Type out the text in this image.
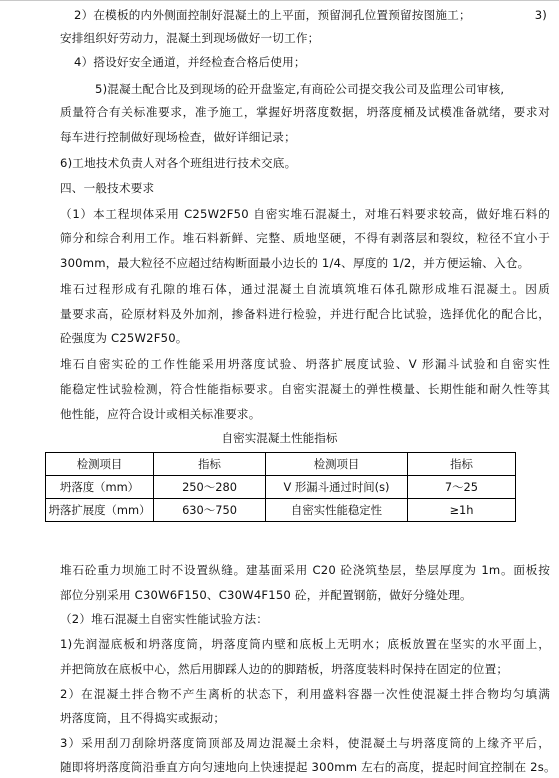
2）在模板的内外侧面控制好混凝土的上平面，预留洞孔位置预留按图施工；	3)
安排组织好劳动力，混凝土到现场做好一切工作；
4）搭设好安全通道，并经检查合格后使用；
5)混凝土配合比及到现场的砼开盘鉴定,有商砼公司提交我公司及监理公司审核,
质量符合有关标准要求，准予施工，掌握好坍落度数据，坍落度桶及试模准备就绪，要求对
每车进行控制做好现场检查，做好详细记录；
6)工地技术负责人对各个班组进行技术交底。
四、一般技术要求
（1）本工程坝体采用 C25W2F50 自密实堆石混凝土，对堆石料要求较高，做好堆石料的
筛分和综合利用工作。堆石料新鲜、完整、质地坚硬，不得有剥落层和裂纹，粒径不宜小于
300mm，最大粒径不应超过结构断面最小边长的 1/4、厚度的 1/2，并方便运输、入仓。
堆石过程形成有孔隙的堆石体，通过混凝土自流填筑堆石体孔隙形成堆石混凝土。因质
量要求高，砼原材料及外加剂，掺备料进行检验，并进行配合比试验，选择优化的配合比，
砼强度为 C25W2F50。
堆石自密实砼的工作性能采用坍落度试验、坍落扩展度试验、V 形漏斗试验和自密实性
能稳定性试验检测，符合性能指标要求。自密实混凝土的弹性模量、长期性能和耐久性等其
他性能，应符合设计或相关标准要求。
自密实混凝土性能指标
检测项目	指标	检测项目	指标
坍落度（mm）	250～280	V 形漏斗通过时间(s)	7～25
坍落扩展度（mm）	630～750	自密实性能稳定性	≥1h
堆石砼重力坝施工时不设置纵缝。建基面采用 C20 砼浇筑垫层，垫层厚度为 1m。面板按
部位分别采用 C30W6F150、C30W4F150 砼，并配置钢筋，做好分缝处理。
（2）堆石混凝土自密实性能试验方法：
1)先润湿底板和坍落度筒，坍落度筒内壁和底板上无明水；底板放置在坚实的水平面上，
并把筒放在底板中心，然后用脚踩人边的的脚踏板，坍落度装料时保持在固定的位置；
2）在混凝土拌合物不产生离析的状态下，利用盛料容器一次性使混凝土拌合物均匀填满
坍落度筒，且不得捣实或振动；
3）采用刮刀刮除坍落度筒顶部及周边混凝土余料，使混凝土与坍落度筒的上缘齐平后，
随即将坍落度筒沿垂直方向匀速地向上快速提起 300mm 左右的高度，提起时间宜控制在 2s。
